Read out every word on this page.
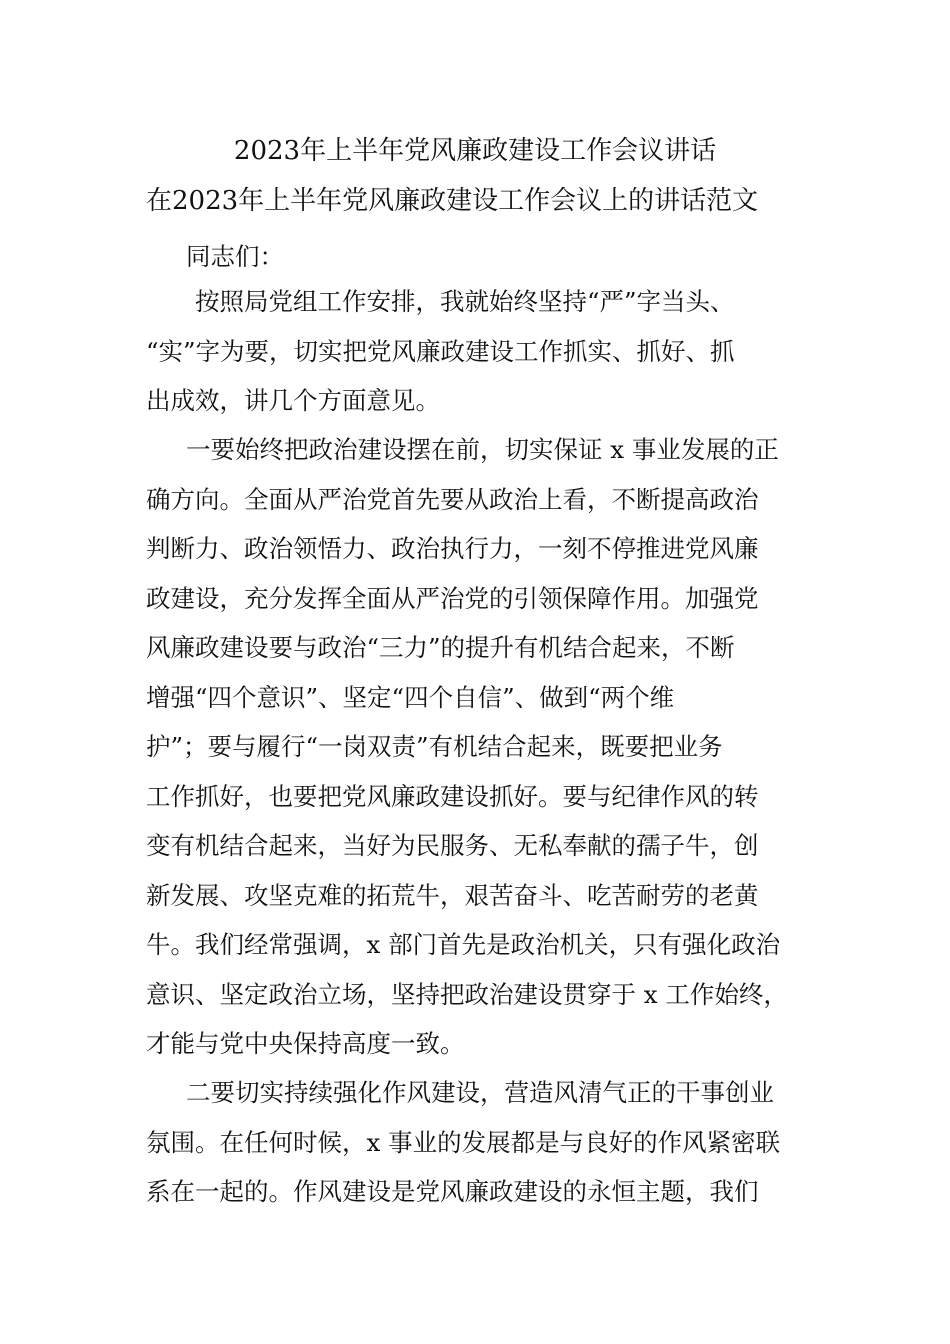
2023年上半年党风廉政建设工作会议讲话
在2023年上半年党风廉政建设工作会议上的讲话范文
同志们：
按照局党组工作安排，我就始终坚持“严”字当头、
“实”字为要，切实把党风廉政建设工作抓实、抓好、抓
出成效，讲几个方面意见。
一要始终把政治建设摆在前，切实保证 x 事业发展的正
确方向。全面从严治党首先要从政治上看，不断提高政治
判断力、政治领悟力、政治执行力，一刻不停推进党风廉
政建设，充分发挥全面从严治党的引领保障作用。加强党
风廉政建设要与政治“三力”的提升有机结合起来，不断
增强“四个意识”、坚定“四个自信”、做到“两个维
护”；要与履行“一岗双责”有机结合起来，既要把业务
工作抓好，也要把党风廉政建设抓好。要与纪律作风的转
变有机结合起来，当好为民服务、无私奉献的孺子牛，创
新发展、攻坚克难的拓荒牛，艰苦奋斗、吃苦耐劳的老黄
牛。我们经常强调，x 部门首先是政治机关，只有强化政治
意识、坚定政治立场，坚持把政治建设贯穿于 x 工作始终，
才能与党中央保持高度一致。
二要切实持续强化作风建设，营造风清气正的干事创业
氛围。在任何时候，x 事业的发展都是与良好的作风紧密联
系在一起的。作风建设是党风廉政建设的永恒主题，我们
